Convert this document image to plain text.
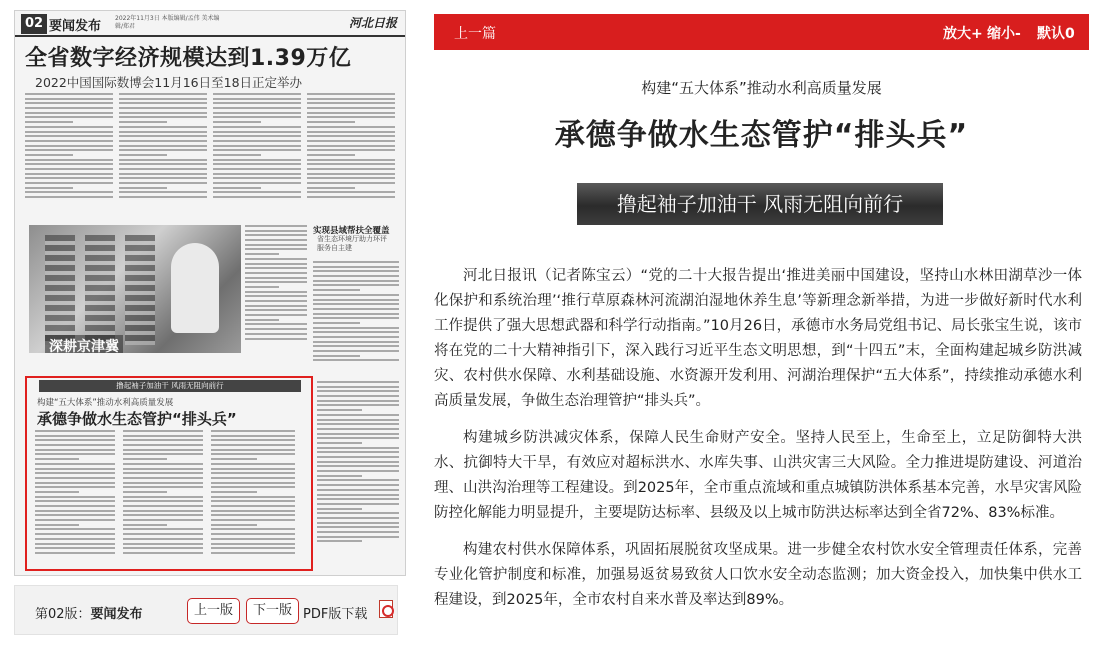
02 要闻发布
2022年11月3日 本版编辑/孟伟 美术编辑/郑君	河北日报
全省数字经济规模达到1.39万亿
2022中国国际数博会11月16日至18日正定举办
深耕京津冀
实现县域帮扶全覆盖
省生态环境厅助力环评服务自主建
撸起袖子加油干 风雨无阻向前行
构建“五大体系”推动水利高质量发展
承德争做水生态管护“排头兵”
第02版：要闻发布	上一版	下一版 PDF版下载
上一篇	放大+ 缩小- 默认0
构建“五大体系”推动水利高质量发展
承德争做水生态管护“排头兵”
撸起袖子加油干 风雨无阻向前行

河北日报讯（记者陈宝云）“党的二十大报告提出‘推进美丽中国建设，坚持山水林田湖草沙一体化保护和系统治理’‘推行草原森林河流湖泊湿地休养生息’等新理念新举措，为进一步做好新时代水利工作提供了强大思想武器和科学行动指南。”10月26日，承德市水务局党组书记、局长张宝生说，该市将在党的二十大精神指引下，深入践行习近平生态文明思想，到“十四五”末，全面构建起城乡防洪减灾、农村供水保障、水利基础设施、水资源开发利用、河湖治理保护“五大体系”，持续推动承德水利高质量发展，争做生态治理管护“排头兵”。

构建城乡防洪减灾体系，保障人民生命财产安全。坚持人民至上，生命至上，立足防御特大洪水、抗御特大干旱，有效应对超标洪水、水库失事、山洪灾害三大风险。全力推进堤防建设、河道治理、山洪沟治理等工程建设。到2025年，全市重点流域和重点城镇防洪体系基本完善，水旱灾害风险防控化解能力明显提升，主要堤防达标率、县级及以上城市防洪达标率达到全省72%、83%标准。

构建农村供水保障体系，巩固拓展脱贫攻坚成果。进一步健全农村饮水安全管理责任体系，完善专业化管护制度和标准，加强易返贫易致贫人口饮水安全动态监测；加大资金投入，加快集中供水工程建设，到2025年，全市农村自来水普及率达到89%。
